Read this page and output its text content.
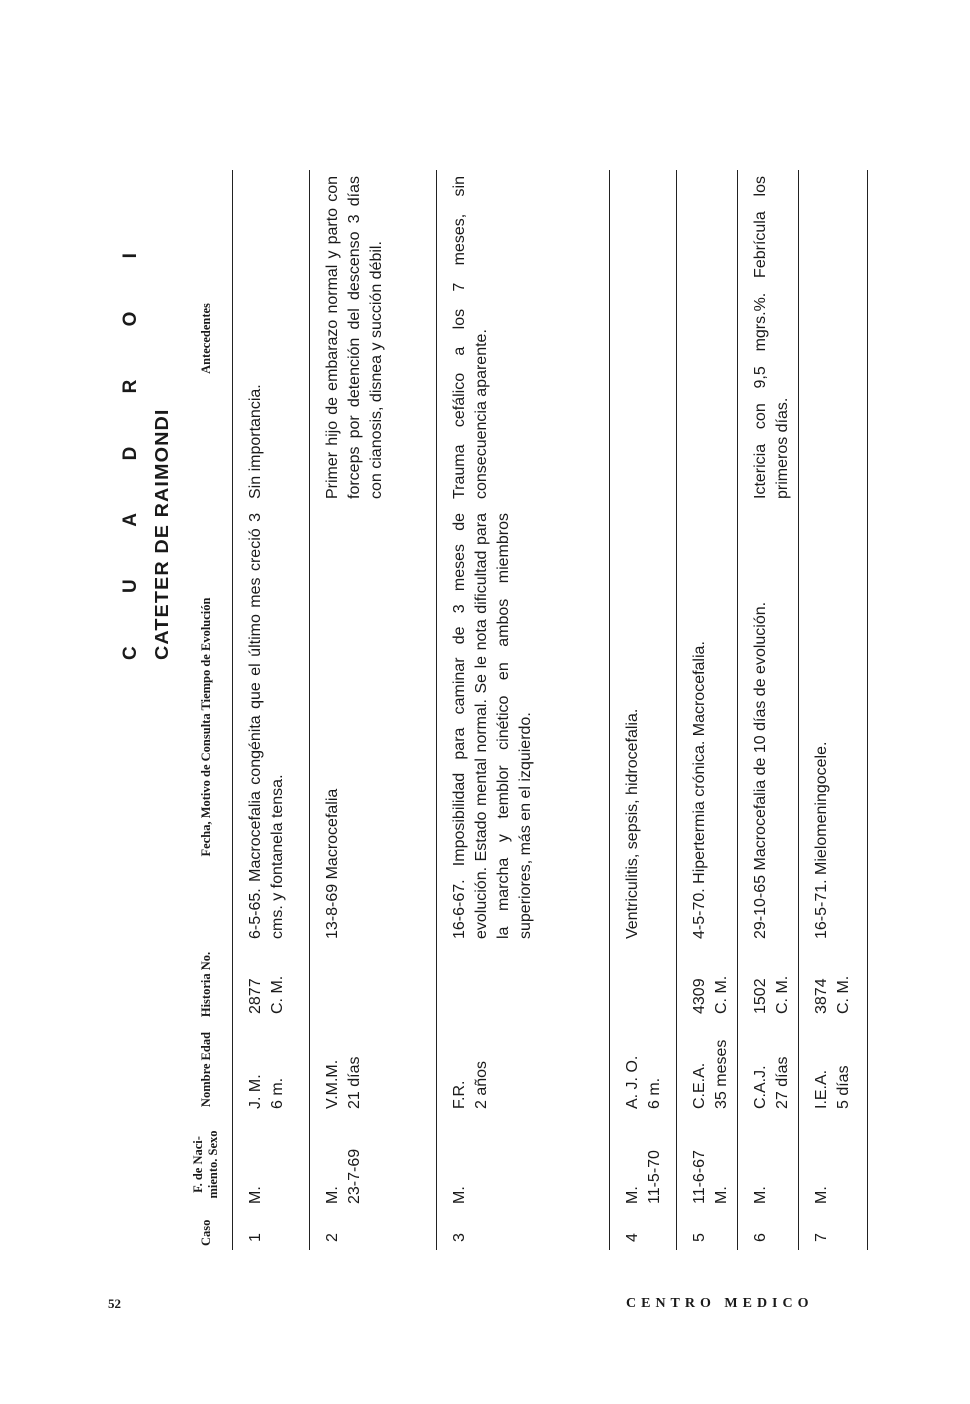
C U A D R O I CATETER DE RAIMONDI
Caso	F. de Naci- miento. Sexo	Nombre Edad	Historia No.	Fecha, Motivo de Consulta Tiempo de Evolución	Antecedentes
1	M.	J. M. 6 m.	2877 C. M.	6-5-65. Macrocefalia congénita que el último mes creció 3 cms. y fontanela tensa.	Sin importancia.
2	M. 23-7-69	V.M.M. 21 días		13-8-69 Macrocefalia	Primer hijo de embarazo normal y parto con forceps por detención del descenso 3 días con cianosis, disnea y succión débil.
3	M.	F.R. 2 años		16-6-67. Imposibilidad para caminar de 3 meses de evolución. Estado mental normal. Se le nota dificultad para la marcha y temblor cinético en ambos miembros superiores, más en el izquierdo.	Trauma cefálico a los 7 meses, sin consecuencia aparente.
4	M. 11-5-70	A. J. O. 6 m.		Ventriculitis, sepsis, hidrocefalia.	
5	11-6-67 M.	C.E.A. 35 meses	4309 C. M.	4-5-70. Hipertermia crónica. Macrocefalia.	
6	M.	C.A.J. 27 días	1502 C. M.	29-10-65 Macrocefalia de 10 días de evolución.	Ictericia con 9,5 mgrs.%. Febrícula los primeros días.
7	M.	I.E.A. 5 días	3874 C. M.	16-5-71. Mielomeningocele.	
52	CENTRO MEDICO
